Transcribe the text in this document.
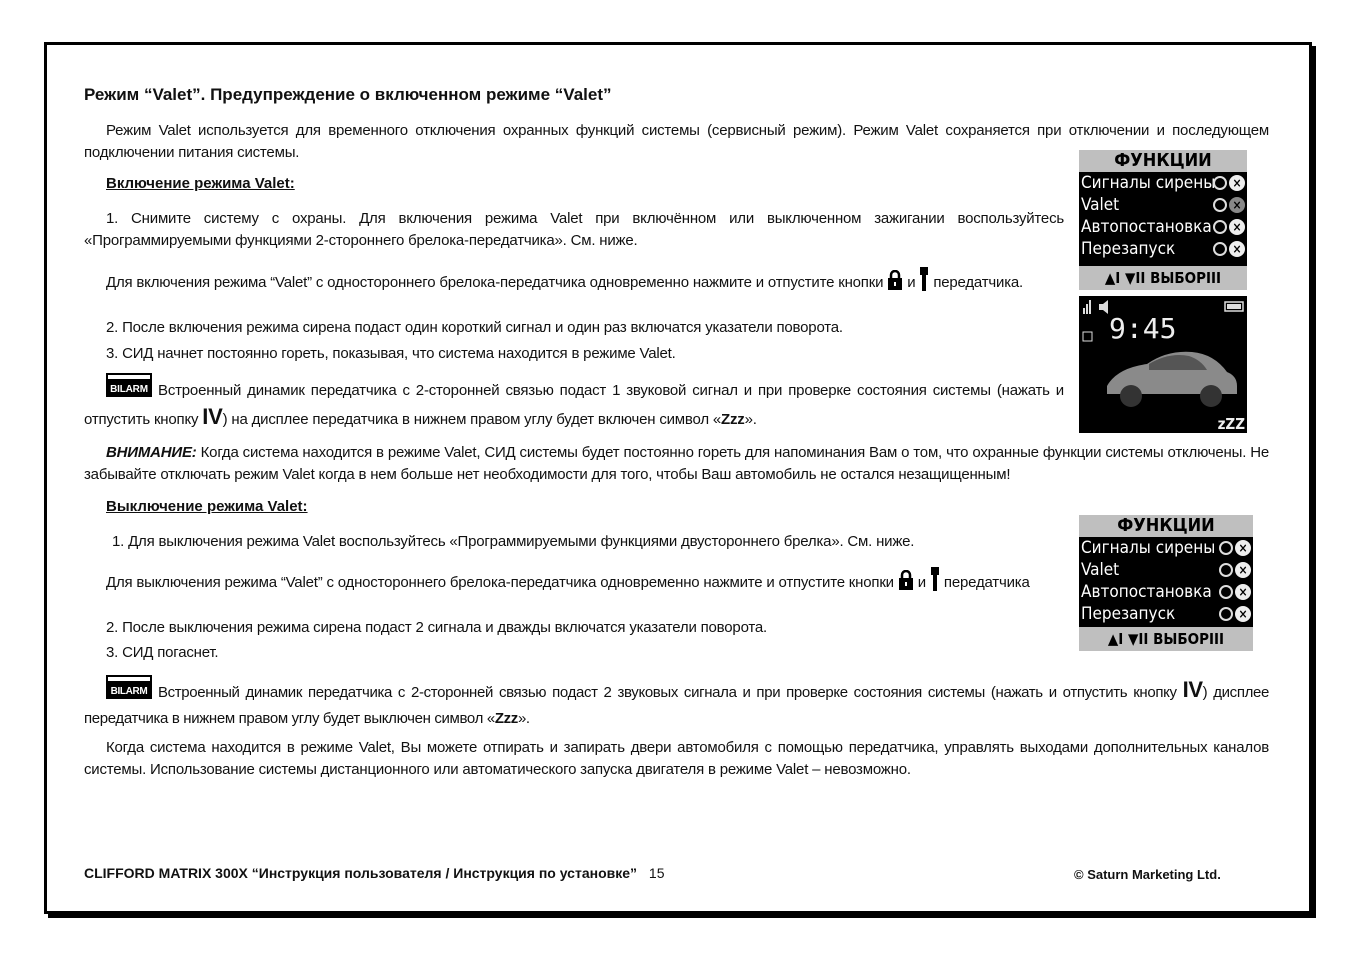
Режим “Valet”. Предупреждение о включенном режиме “Valet”
Режим Valet используется для временного отключения охранных функций системы (сервисный режим). Режим Valet сохраняется при отключении и последующем подключении питания системы.
Включение режима Valet:
1. Снимите систему с охраны. Для включения режима Valet при включённом или выключенном зажигании воспользуйтесь «Программируемыми функциями 2-стороннего брелока-передатчика». См. ниже.
Для включения режима “Valet” с одностороннего брелока-передатчика одновременно нажмите и отпустите кнопки и передатчика.
2. После включения режима сирена подаст один короткий сигнал и один раз включатся указатели поворота.
3. СИД начнет постоянно гореть, показывая, что система находится в режиме Valet.
BILARM Встроенный динамик передатчика с 2-сторонней связью подаст 1 звуковой сигнал и при проверке состояния системы (нажать и отпустить кнопку IV) на дисплее передатчика в нижнем правом углу будет включен символ «Zzz».
ВНИМАНИЕ: Когда система находится в режиме Valet, СИД системы будет постоянно гореть для напоминания Вам о том, что охранные функции системы отключены. Не забывайте отключать режим Valet когда в нем больше нет необходимости для того, чтобы Ваш автомобиль не остался незащищенным!
Выключение режима Valet:
1. Для выключения режима Valet воспользуйтесь «Программируемыми функциями двустороннего брелка». См. ниже.
Для выключения режима “Valet” с одностороннего брелока-передатчика одновременно нажмите и отпустите кнопки и передатчика
2. После выключения режима сирена подаст 2 сигнала и дважды включатся указатели поворота.
3. СИД погаснет.
BILARM Встроенный динамик передатчика с 2-сторонней связью подаст 2 звуковых сигнала и при проверке состояния системы (нажать и отпустить кнопку IV) дисплее передатчика в нижнем правом углу будет выключен символ «Zzz».
Когда система находится в режиме Valet, Вы можете отпирать и запирать двери автомобиля с помощью передатчика, управлять выходами дополнительных каналов системы. Использование системы дистанционного или автоматического запуска двигателя в режиме Valet – невозможно.
ФУНКЦИИ
Сигналы сирены ×
Valet	×
Автопостановка ×
Перезапуск	×
▲I ▼II ВЫБОРIII
9:45
zZZ
ФУНКЦИИ
Сигналы сирены ×
Valet	×
Автопостановка ×
Перезапуск	×
▲I ▼II ВЫБОРIII
CLIFFORD MATRIX 300X “Инструкция пользователя / Инструкция по установке” 15	© Saturn Marketing Ltd.
